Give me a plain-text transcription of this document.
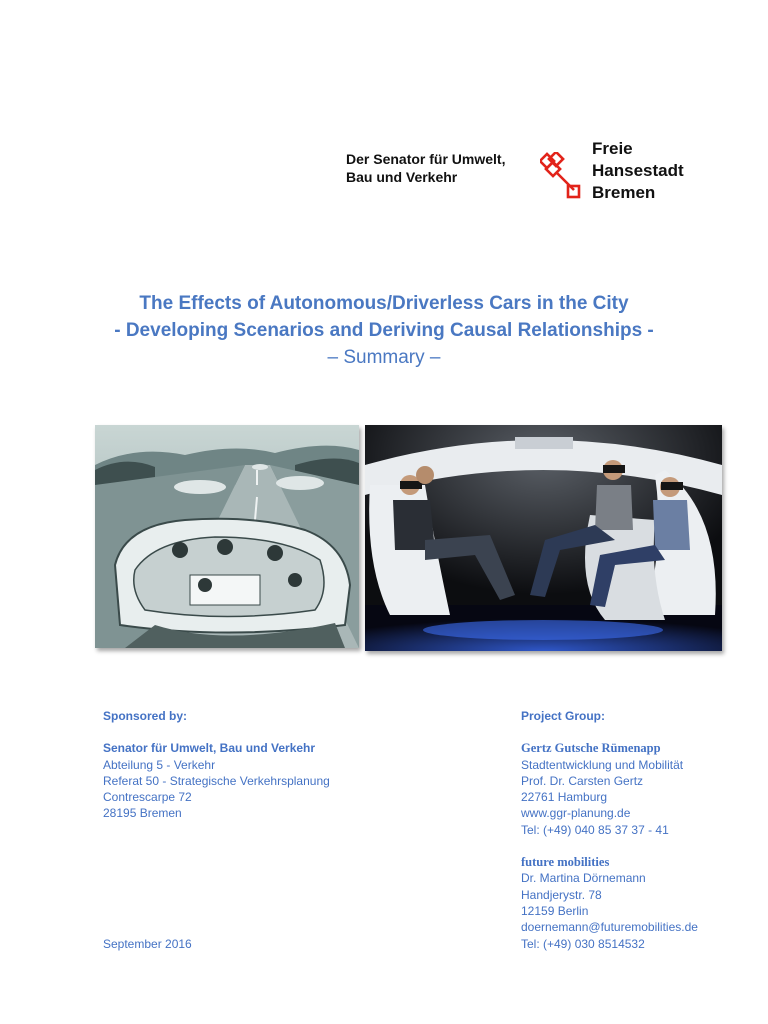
Der Senator für Umwelt,
Bau und Verkehr
Freie
Hansestadt
Bremen
The Effects of Autonomous/Driverless Cars in the City
- Developing Scenarios and Deriving Causal Relationships -
– Summary –
Sponsored by:
Senator für Umwelt, Bau und Verkehr
Abteilung 5 - Verkehr
Referat 50 - Strategische Verkehrsplanung
Contrescarpe 72
28195 Bremen
Project Group:
Gertz Gutsche Rümenapp
Stadtentwicklung und Mobilität
Prof. Dr. Carsten Gertz
22761 Hamburg
www.ggr-planung.de
Tel: (+49) 040 85 37 37 - 41
future mobilities
Dr. Martina Dörnemann
Handjerystr. 78
12159 Berlin
doernemann@futuremobilities.de
Tel: (+49) 030 8514532
September 2016
